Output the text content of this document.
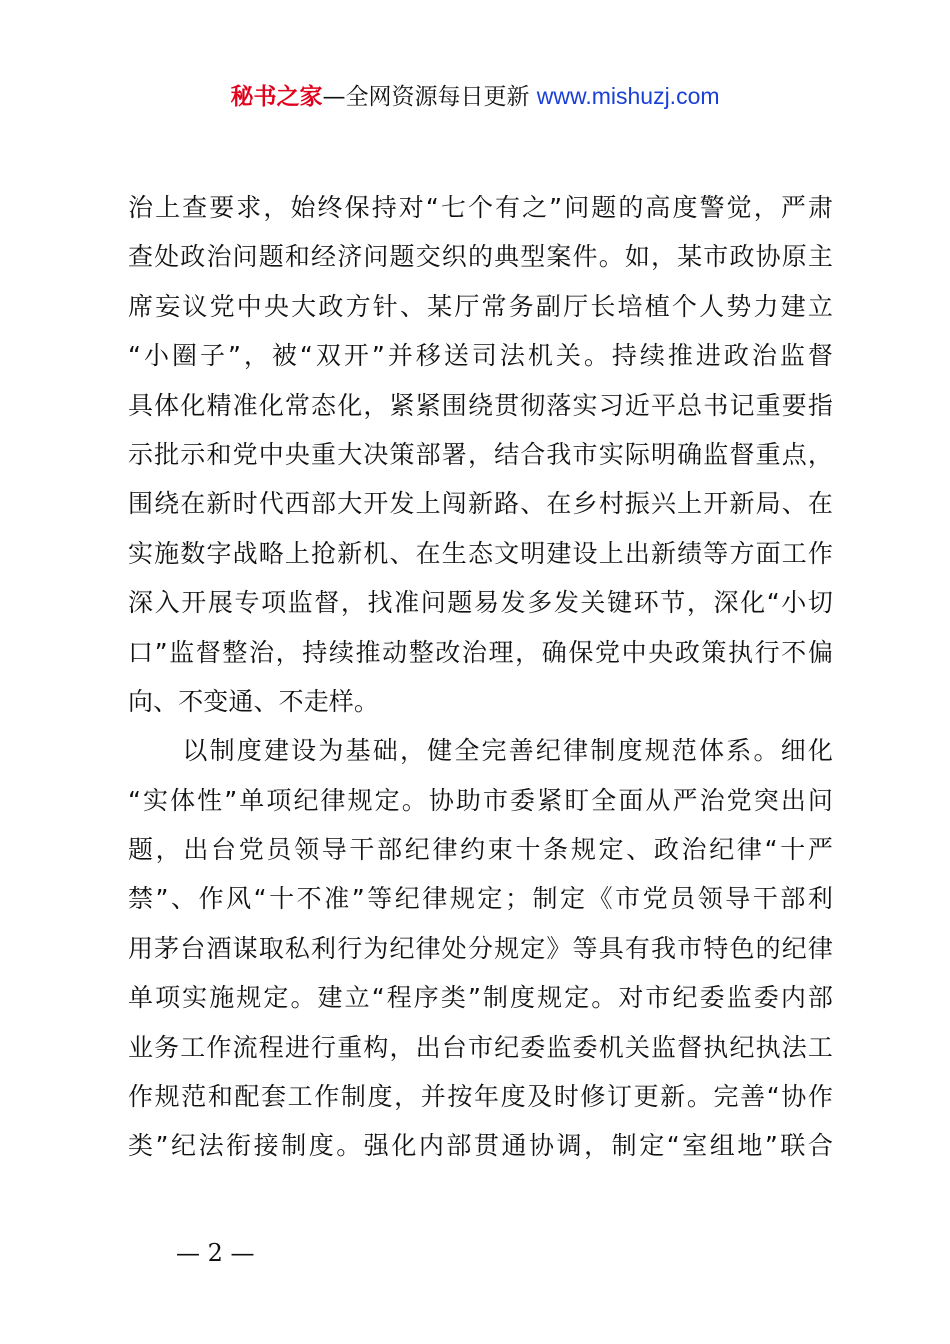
秘书之家—全网资源每日更新 www.mishuzj.com
治上查要求，始终保持对“七个有之”问题的高度警觉，严肃
查处政治问题和经济问题交织的典型案件。如，某市政协原主
席妄议党中央大政方针、某厅常务副厅长培植个人势力建立
“小圈子”，被“双开”并移送司法机关。持续推进政治监督
具体化精准化常态化，紧紧围绕贯彻落实习近平总书记重要指
示批示和党中央重大决策部署，结合我市实际明确监督重点，
围绕在新时代西部大开发上闯新路、在乡村振兴上开新局、在
实施数字战略上抢新机、在生态文明建设上出新绩等方面工作
深入开展专项监督，找准问题易发多发关键环节，深化“小切
口”监督整治，持续推动整改治理，确保党中央政策执行不偏
向、不变通、不走样。
　　以制度建设为基础，健全完善纪律制度规范体系。细化
“实体性”单项纪律规定。协助市委紧盯全面从严治党突出问
题，出台党员领导干部纪律约束十条规定、政治纪律“十严
禁”、作风“十不准”等纪律规定；制定《市党员领导干部利
用茅台酒谋取私利行为纪律处分规定》等具有我市特色的纪律
单项实施规定。建立“程序类”制度规定。对市纪委监委内部
业务工作流程进行重构，出台市纪委监委机关监督执纪执法工
作规范和配套工作制度，并按年度及时修订更新。完善“协作
类”纪法衔接制度。强化内部贯通协调，制定“室组地”联合
— 2 —
